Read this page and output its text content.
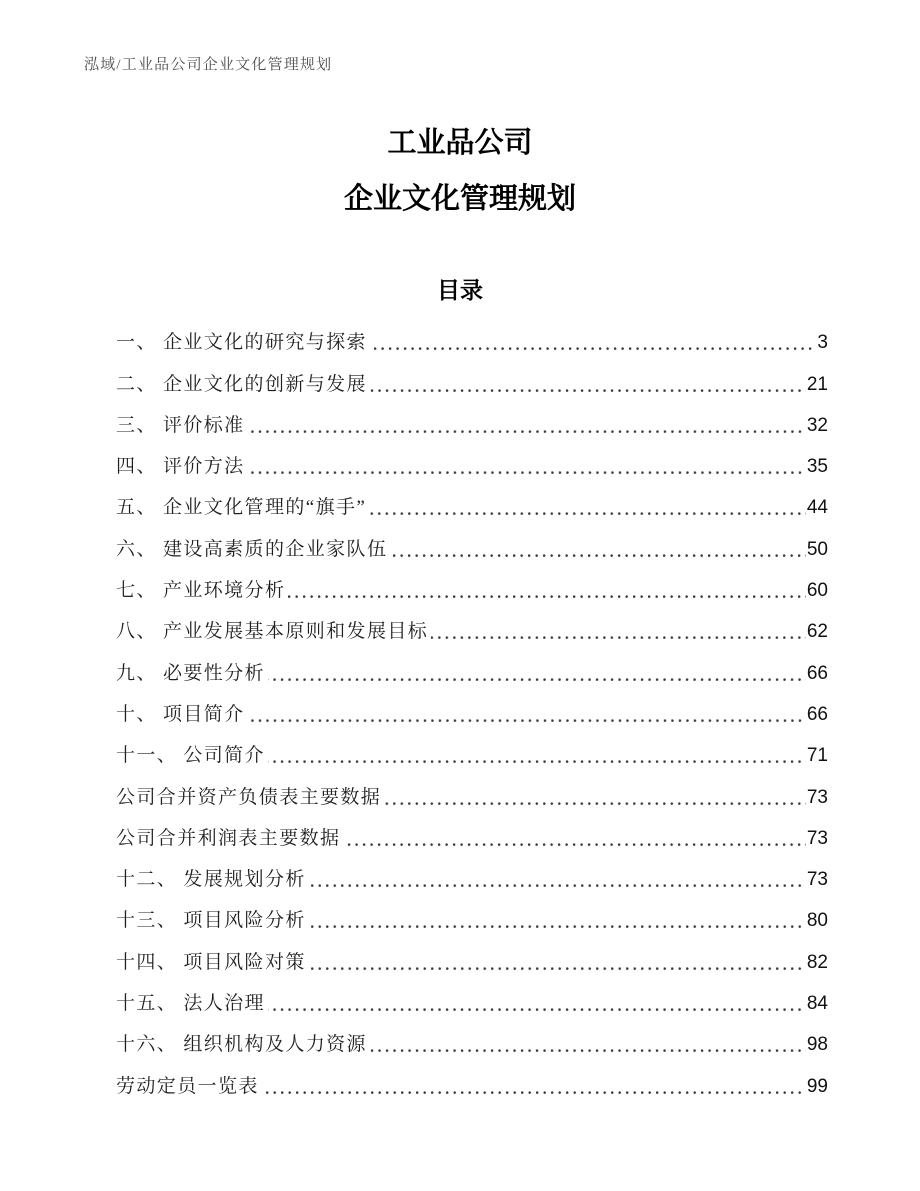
泓域/工业品公司企业文化管理规划
工业品公司
企业文化管理规划
目录
一、 企业文化的研究与探索	3
二、 企业文化的创新与发展	21
三、 评价标准	32
四、 评价方法	35
五、 企业文化管理的“旗手”	44
六、 建设高素质的企业家队伍	50
七、 产业环境分析	60
八、 产业发展基本原则和发展目标	62
九、 必要性分析	66
十、 项目简介	66
十一、 公司简介	71
公司合并资产负债表主要数据	73
公司合并利润表主要数据	73
十二、 发展规划分析	73
十三、 项目风险分析	80
十四、 项目风险对策	82
十五、 法人治理	84
十六、 组织机构及人力资源	98
劳动定员一览表	99
